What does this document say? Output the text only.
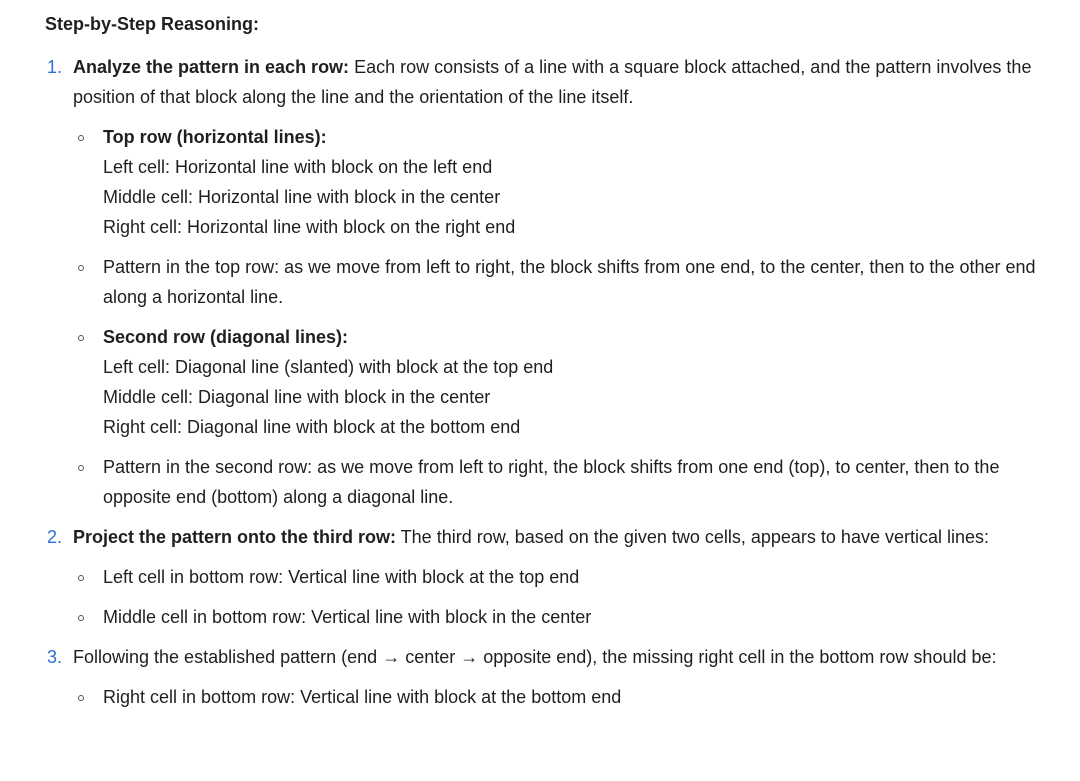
Step-by-Step Reasoning:
1. Analyze the pattern in each row: Each row consists of a line with a square block attached, and the pattern involves the position of that block along the line and the orientation of the line itself.
Top row (horizontal lines):
Left cell: Horizontal line with block on the left end
Middle cell: Horizontal line with block in the center
Right cell: Horizontal line with block on the right end
Pattern in the top row: as we move from left to right, the block shifts from one end, to the center, then to the other end along a horizontal line.
Second row (diagonal lines):
Left cell: Diagonal line (slanted) with block at the top end
Middle cell: Diagonal line with block in the center
Right cell: Diagonal line with block at the bottom end
Pattern in the second row: as we move from left to right, the block shifts from one end (top), to center, then to the opposite end (bottom) along a diagonal line.
2. Project the pattern onto the third row: The third row, based on the given two cells, appears to have vertical lines:
Left cell in bottom row: Vertical line with block at the top end
Middle cell in bottom row: Vertical line with block in the center
3. Following the established pattern (end → center → opposite end), the missing right cell in the bottom row should be:
Right cell in bottom row: Vertical line with block at the bottom end
